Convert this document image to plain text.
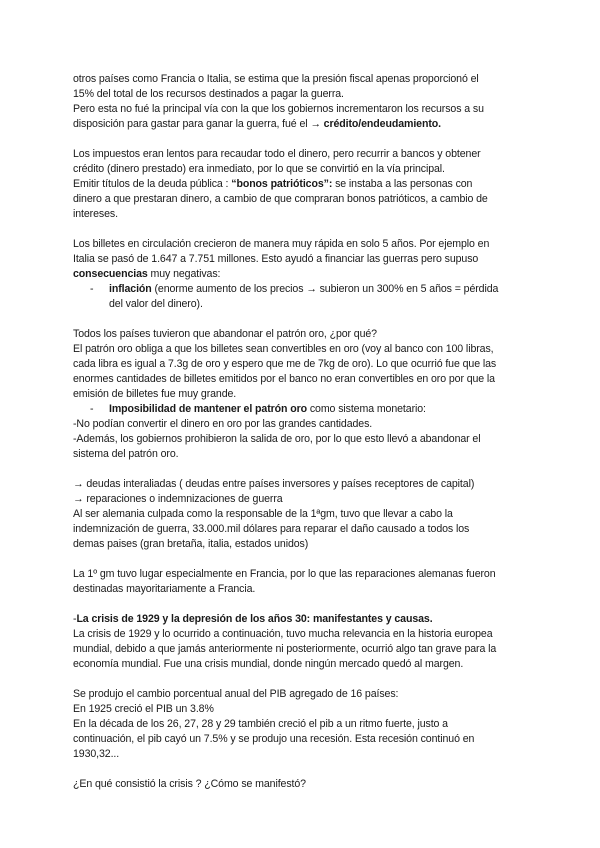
otros países como Francia o Italia, se estima que la presión fiscal apenas proporcionó el

15% del total de los recursos destinados a pagar la guerra.

Pero esta no fué la principal vía con la que los gobiernos incrementaron los recursos a su

disposición para gastar para ganar la guerra, fué el → crédito/endeudamiento.

Los impuestos eran lentos para recaudar todo el dinero, pero recurrir a bancos y obtener

crédito (dinero prestado) era inmediato, por lo que se convirtió en la vía principal.

Emitir títulos de la deuda pública : “bonos patrióticos”: se instaba a las personas con

dinero a que prestaran dinero, a cambio de que compraran bonos patrióticos, a cambio de intereses.

Los billetes en circulación crecieron de manera muy rápida en solo 5 años. Por ejemplo en

Italia se pasó de 1.647 a 7.751 millones. Esto ayudó a financiar las guerras pero supuso

consecuencias muy negativas:

- inflación (enorme aumento de los precios → subieron un 300% en 5 años = pérdida

del valor del dinero).

Todos los países tuvieron que abandonar el patrón oro, ¿por qué?

El patrón oro obliga a que los billetes sean convertibles en oro (voy al banco con 100 libras,

cada libra es igual a 7.3g de oro y espero que me de 7kg de oro). Lo que ocurrió fue que las

enormes cantidades de billetes emitidos por el banco no eran convertibles en oro por que la

emisión de billetes fue muy grande.

- Imposibilidad de mantener el patrón oro como sistema monetario:

-No podían convertir el dinero en oro por las grandes cantidades.

-Además, los gobiernos prohibieron la salida de oro, por lo que esto llevó a abandonar el

sistema del patrón oro.

→ deudas interaliadas ( deudas entre países inversores y países receptores de capital)

→ reparaciones o indemnizaciones de guerra

Al ser alemania culpada como la responsable de la 1ªgm, tuvo que llevar a cabo la

indemnización de guerra, 33.000.mil dólares para reparar el daño causado a todos los

demas paises (gran bretaña, italia, estados unidos)

La 1º gm tuvo lugar especialmente en Francia, por lo que las reparaciones alemanas fueron

destinadas mayoritariamente a Francia.

-La crisis de 1929 y la depresión de los años 30: manifestantes y causas.

La crisis de 1929 y lo ocurrido a continuación, tuvo mucha relevancia en la historia europea

mundial, debido a que jamás anteriormente ni posteriormente, ocurrió algo tan grave para la

economía mundial. Fue una crisis mundial, donde ningún mercado quedó al margen.

Se produjo el cambio porcentual anual del PIB agregado de 16 países:

En 1925 creció el PIB un 3.8%

En la década de los 26, 27, 28 y 29 también creció el pib a un ritmo fuerte, justo a

continuación, el pib cayó un 7.5% y se produjo una recesión. Esta recesión continuó en

1930,32...

¿En qué consistió la crisis ? ¿Cómo se manifestó?
